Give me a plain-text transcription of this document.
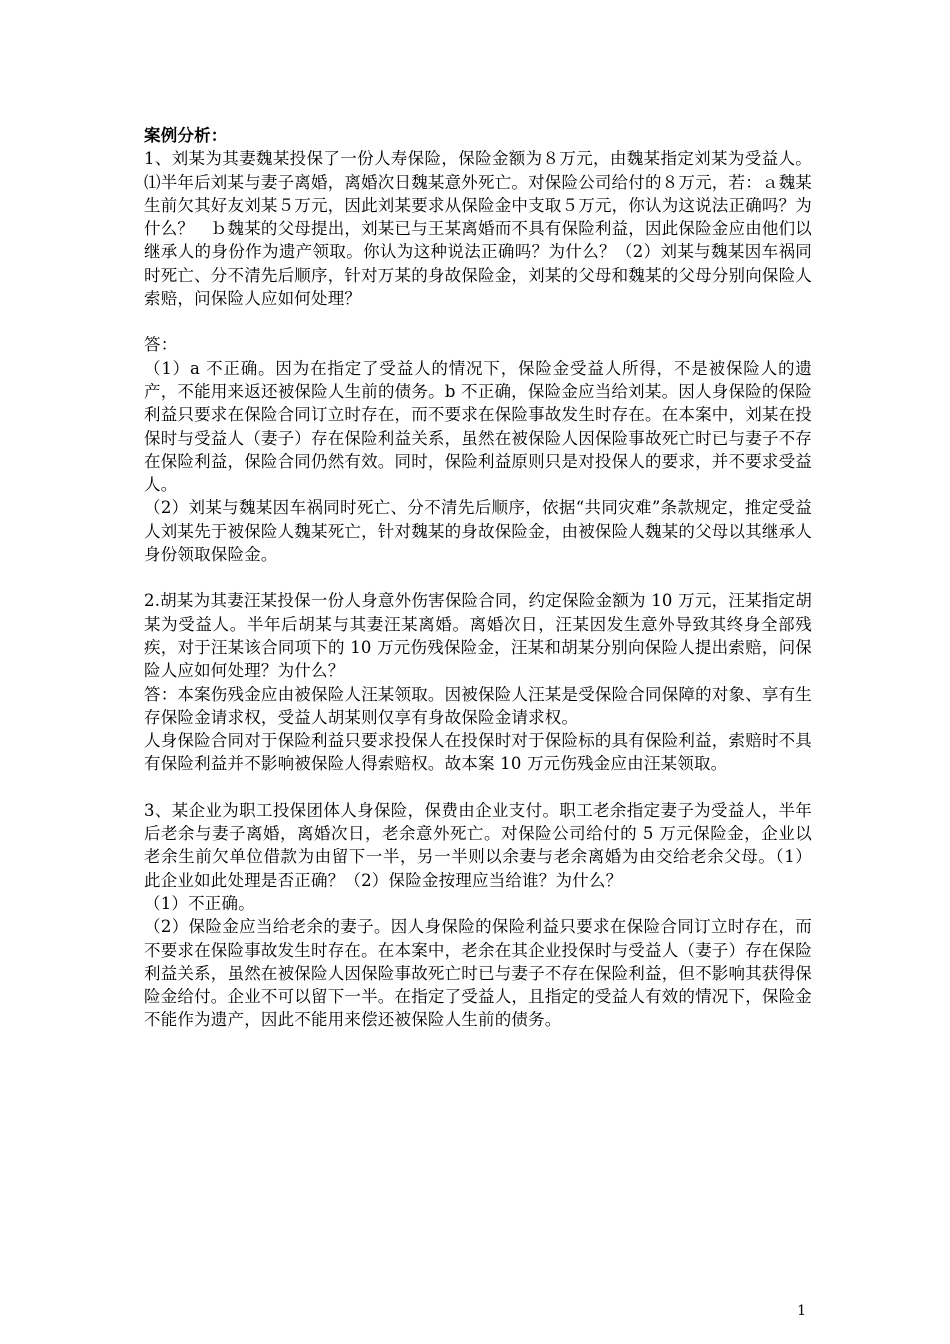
案例分析：

1、刘某为其妻魏某投保了一份人寿保险，保险金额为８万元，由魏某指定刘某为受益人。⑴半年后刘某与妻子离婚，离婚次日魏某意外死亡。对保险公司给付的８万元，若：ａ魏某生前欠其好友刘某５万元，因此刘某要求从保险金中支取５万元，你认为这说法正确吗？为什么？　ｂ魏某的父母提出，刘某已与王某离婚而不具有保险利益，因此保险金应由他们以继承人的身份作为遗产领取。你认为这种说法正确吗？为什么？（2）刘某与魏某因车祸同时死亡、分不清先后顺序，针对万某的身故保险金，刘某的父母和魏某的父母分别向保险人索赔，问保险人应如何处理？

答：

（1）a 不正确。因为在指定了受益人的情况下，保险金受益人所得，不是被保险人的遗产，不能用来返还被保险人生前的债务。b 不正确，保险金应当给刘某。因人身保险的保险利益只要求在保险合同订立时存在，而不要求在保险事故发生时存在。在本案中，刘某在投保时与受益人（妻子）存在保险利益关系，虽然在被保险人因保险事故死亡时已与妻子不存在保险利益，保险合同仍然有效。同时，保险利益原则只是对投保人的要求，并不要求受益人。

（2）刘某与魏某因车祸同时死亡、分不清先后顺序，依据“共同灾难”条款规定，推定受益人刘某先于被保险人魏某死亡，针对魏某的身故保险金，由被保险人魏某的父母以其继承人身份领取保险金。

2.胡某为其妻汪某投保一份人身意外伤害保险合同，约定保险金额为 10 万元，汪某指定胡某为受益人。半年后胡某与其妻汪某离婚。离婚次日，汪某因发生意外导致其终身全部残疾，对于汪某该合同项下的 10 万元伤残保险金，汪某和胡某分别向保险人提出索赔，问保险人应如何处理？为什么？

答：本案伤残金应由被保险人汪某领取。因被保险人汪某是受保险合同保障的对象、享有生存保险金请求权，受益人胡某则仅享有身故保险金请求权。

人身保险合同对于保险利益只要求投保人在投保时对于保险标的具有保险利益，索赔时不具有保险利益并不影响被保险人得索赔权。故本案 10 万元伤残金应由汪某领取。

3、某企业为职工投保团体人身保险，保费由企业支付。职工老余指定妻子为受益人，半年后老余与妻子离婚，离婚次日，老余意外死亡。对保险公司给付的 5 万元保险金，企业以老余生前欠单位借款为由留下一半，另一半则以余妻与老余离婚为由交给老余父母。（1）此企业如此处理是否正确？（2）保险金按理应当给谁？为什么？

（1）不正确。

（2）保险金应当给老余的妻子。因人身保险的保险利益只要求在保险合同订立时存在，而不要求在保险事故发生时存在。在本案中，老余在其企业投保时与受益人（妻子）存在保险利益关系，虽然在被保险人因保险事故死亡时已与妻子不存在保险利益，但不影响其获得保险金给付。企业不可以留下一半。在指定了受益人，且指定的受益人有效的情况下，保险金不能作为遗产，因此不能用来偿还被保险人生前的债务。

1
